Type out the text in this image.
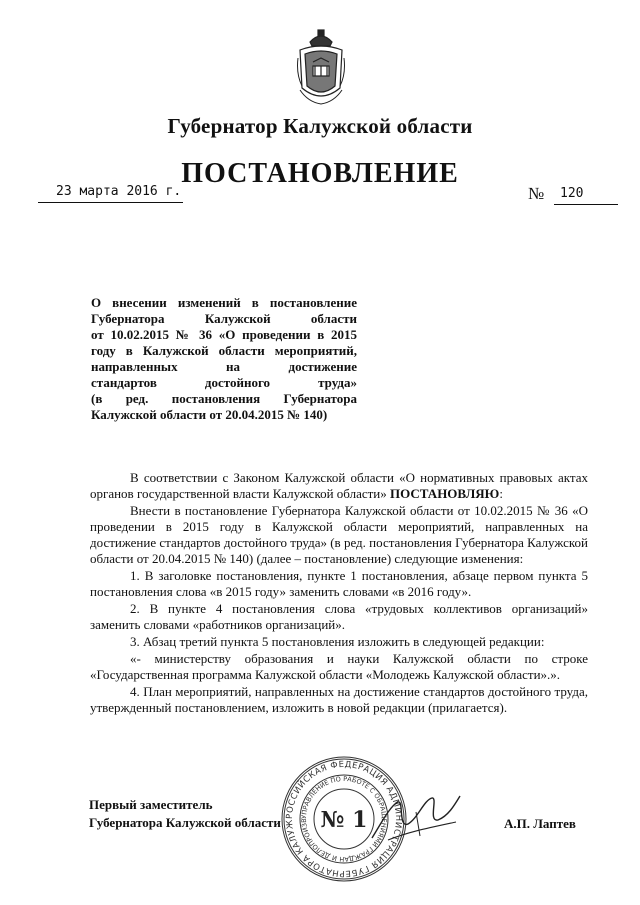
Губернатор Калужской области
ПОСТАНОВЛЕНИЕ
23 марта 2016 г.	№ 120
О внесении изменений в постановление
Губернатора Калужской области
от 10.02.2015 № 36 «О проведении в 2015
году в Калужской области мероприятий,
направленных на достижение
стандартов достойного труда»
(в ред. постановления Губернатора
Калужской области от 20.04.2015 № 140)

В соответствии с Законом Калужской области «О нормативных правовых актах органов государственной власти Калужской области» ПОСТАНОВЛЯЮ:

Внести в постановление Губернатора Калужской области от 10.02.2015 № 36 «О проведении в 2015 году в Калужской области мероприятий, направленных на достижение стандартов достойного труда» (в ред. постановления Губернатора Калужской области от 20.04.2015 № 140) (далее – постановление) следующие изменения:

1. В заголовке постановления, пункте 1 постановления, абзаце первом пункта 5 постановления слова «в 2015 году» заменить словами «в 2016 году».

2. В пункте 4 постановления слова «трудовых коллективов организаций» заменить словами «работников организаций».

3. Абзац третий пункта 5 постановления изложить в следующей редакции:

«- министерству образования и науки Калужской области по строке «Государственная программа Калужской области «Молодежь Калужской области».».

4. План мероприятий, направленных на достижение стандартов достойного труда, утвержденный постановлением, изложить в новой редакции (прилагается).

РОССИЙСКАЯ ФЕДЕРАЦИЯ АДМИНИСТРАЦИЯ ГУБЕРНАТОРА КАЛУЖ
УПРАВЛЕНИЕ ПО РАБОТЕ С ОБРАЩЕНИЯМИ ГРАЖДАН И ДЕЛОПРОИЗВ № 1
Первый заместитель
Губернатора Калужской области	А.П. Лаптев
